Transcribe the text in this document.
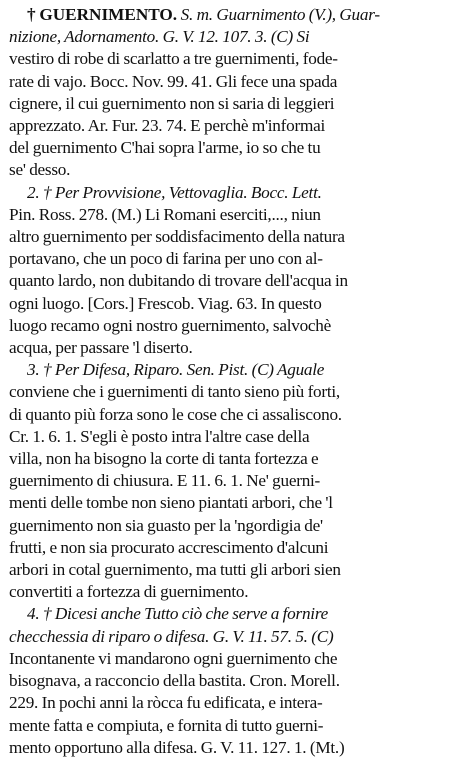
† GUERNIMENTO. S. m. Guarnimento (V.), Guar-
nizione, Adornamento. G. V. 12. 107. 3. (C) Si
vestiro di robe di scarlatto a tre guernimenti, fode-
rate di vajo. Bocc. Nov. 99. 41. Gli fece una spada
cignere, il cui guernimento non si saria di leggieri
apprezzato. Ar. Fur. 23. 74. E perchè m'informai
del guernimento C'hai sopra l'arme, io so che tu
se' desso.
2. † Per Provvisione, Vettovaglia. Bocc. Lett.
Pin. Ross. 278. (M.) Li Romani eserciti,..., niun
altro guernimento per soddisfacimento della natura
portavano, che un poco di farina per uno con al-
quanto lardo, non dubitando di trovare dell'acqua in
ogni luogo. [Cors.] Frescob. Viag. 63. In questo
luogo recamo ogni nostro guernimento, salvochè
acqua, per passare 'l diserto.
3. † Per Difesa, Riparo. Sen. Pist. (C) Aguale
conviene che i guernimenti di tanto sieno più forti,
di quanto più forza sono le cose che ci assaliscono.
Cr. 1. 6. 1. S'egli è posto intra l'altre case della
villa, non ha bisogno la corte di tanta fortezza e
guernimento di chiusura. E 11. 6. 1. Ne' guerni-
menti delle tombe non sieno piantati arbori, che 'l
guernimento non sia guasto per la 'ngordigia de'
frutti, e non sia procurato accrescimento d'alcuni
arbori in cotal guernimento, ma tutti gli arbori sien
convertiti a fortezza di guernimento.
4. † Dicesi anche Tutto ciò che serve a fornire
checchessia di riparo o difesa. G. V. 11. 57. 5. (C)
Incontanente vi mandarono ogni guernimento che
bisognava, a racconcio della bastita. Cron. Morell.
229. In pochi anni la ròcca fu edificata, e intera-
mente fatta e compiuta, e fornita di tutto guerni-
mento opportuno alla difesa. G. V. 11. 127. 1. (Mt.)
